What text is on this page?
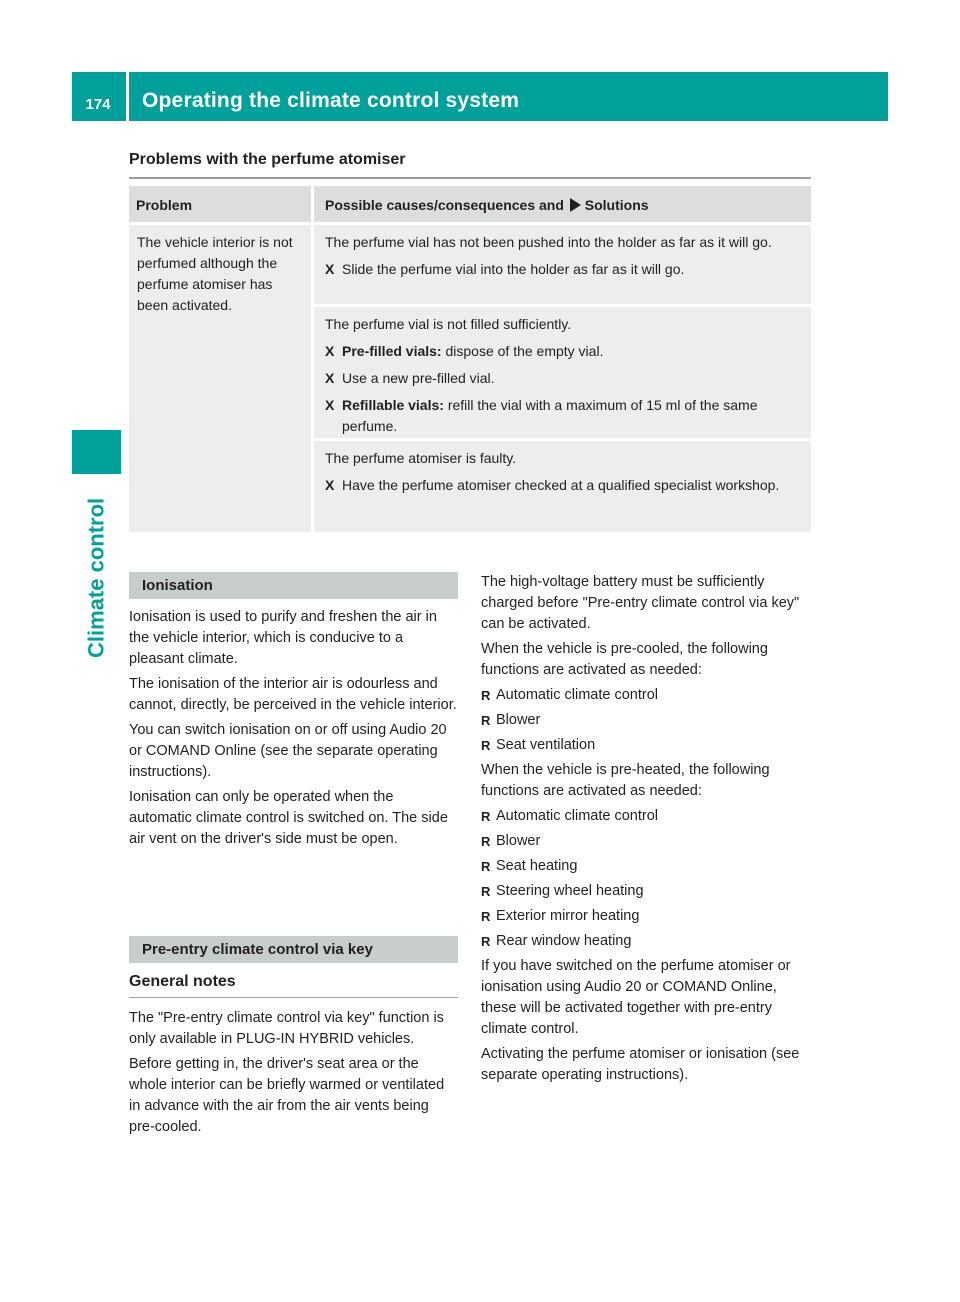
174	Operating the climate control system
Climate control
Problems with the perfume atomiser
Problem	Possible causes/consequences and Solutions
The vehicle interior is not perfumed although the perfume atomiser has been activated.
The perfume vial has not been pushed into the holder as far as it will go.
X Slide the perfume vial into the holder as far as it will go.
The perfume vial is not filled sufficiently.
X Pre-filled vials: dispose of the empty vial.
X Use a new pre-filled vial.
X Refillable vials: refill the vial with a maximum of 15 ml of the same perfume.
The perfume atomiser is faulty.
X Have the perfume atomiser checked at a qualified specialist workshop.
Ionisation

Ionisation is used to purify and freshen the air in the vehicle interior, which is conducive to a pleasant climate.

The ionisation of the interior air is odourless and cannot, directly, be perceived in the vehicle interior.

You can switch ionisation on or off using Audio 20 or COMAND Online (see the separate operating instructions).

Ionisation can only be operated when the automatic climate control is switched on. The side air vent on the driver's side must be open.

Pre-entry climate control via key
General notes

The "Pre-entry climate control via key" function is only available in PLUG-IN HYBRID vehicles.

Before getting in, the driver's seat area or the whole interior can be briefly warmed or ventilated in advance with the air from the air vents being pre-cooled.

The high-voltage battery must be sufficiently charged before "Pre-entry climate control via key" can be activated.

When the vehicle is pre-cooled, the following functions are activated as needed:

R Automatic climate control
R Blower
R Seat ventilation

When the vehicle is pre-heated, the following functions are activated as needed:

R Automatic climate control
R Blower
R Seat heating
R Steering wheel heating
R Exterior mirror heating
R Rear window heating

If you have switched on the perfume atomiser or ionisation using Audio 20 or COMAND Online, these will be activated together with pre-entry climate control.

Activating the perfume atomiser or ionisation (see separate operating instructions).
